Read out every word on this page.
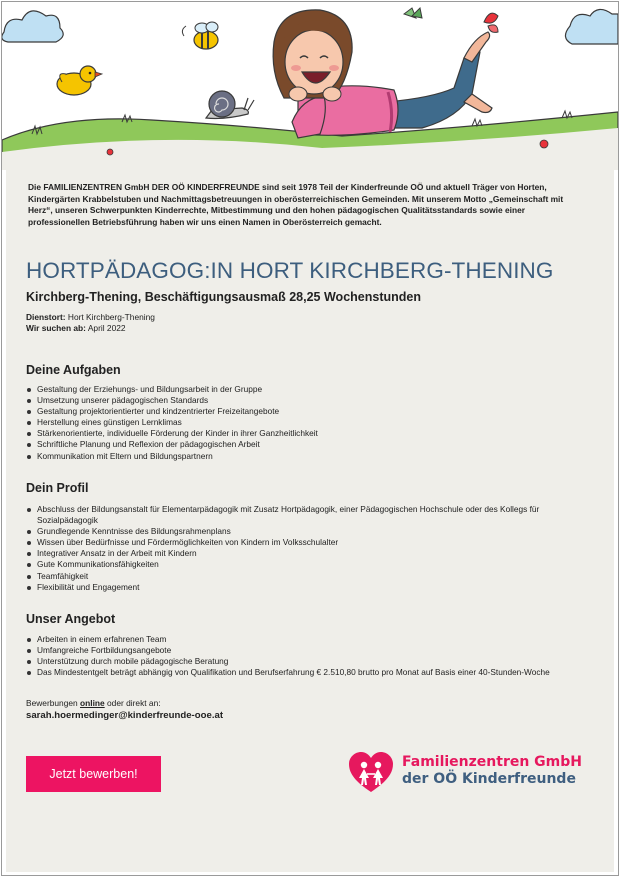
Die FAMILIENZENTREN GmbH DER OÖ KINDERFREUNDE sind seit 1978 Teil der Kinderfreunde OÖ und aktuell Träger von Horten, Kindergärten Krabbelstuben und Nachmittagsbetreuungen in oberösterreichischen Gemeinden. Mit unserem Motto „Gemeinschaft mit Herz“, unseren Schwerpunkten Kinderrechte, Mitbestimmung und den hohen pädagogischen Qualitätsstandards sowie einer professionellen Betriebsführung haben wir uns einen Namen in Oberösterreich gemacht.

HORTPÄDAGOG:IN HORT KIRCHBERG-THENING
Kirchberg-Thening, Beschäftigungsausmaß 28,25 Wochenstunden
Dienstort: Hort Kirchberg-Thening
Wir suchen ab: April 2022
Deine Aufgaben
Gestaltung der Erziehungs- und Bildungsarbeit in der Gruppe
Umsetzung unserer pädagogischen Standards
Gestaltung projektorientierter und kindzentrierter Freizeitangebote
Herstellung eines günstigen Lernklimas
Stärkenorientierte, individuelle Förderung der Kinder in ihrer Ganzheitlichkeit
Schriftliche Planung und Reflexion der pädagogischen Arbeit
Kommunikation mit Eltern und Bildungspartnern
Dein Profil
Abschluss der Bildungsanstalt für Elementarpädagogik mit Zusatz Hortpädagogik, einer Pädagogischen Hochschule oder des Kollegs für Sozialpädagogik
Grundlegende Kenntnisse des Bildungsrahmenplans
Wissen über Bedürfnisse und Fördermöglichkeiten von Kindern im Volksschulalter
Integrativer Ansatz in der Arbeit mit Kindern
Gute Kommunikationsfähigkeiten
Teamfähigkeit
Flexibilität und Engagement
Unser Angebot
Arbeiten in einem erfahrenen Team
Umfangreiche Fortbildungsangebote
Unterstützung durch mobile pädagogische Beratung
Das Mindestentgelt beträgt abhängig von Qualifikation und Berufserfahrung € 2.510,80 brutto pro Monat auf Basis einer 40-Stunden-Woche
Bewerbungen online oder direkt an:
sarah.hoermedinger@kinderfreunde-ooe.at
Jetzt bewerben!
Familienzentren GmbH
der OÖ Kinderfreunde
